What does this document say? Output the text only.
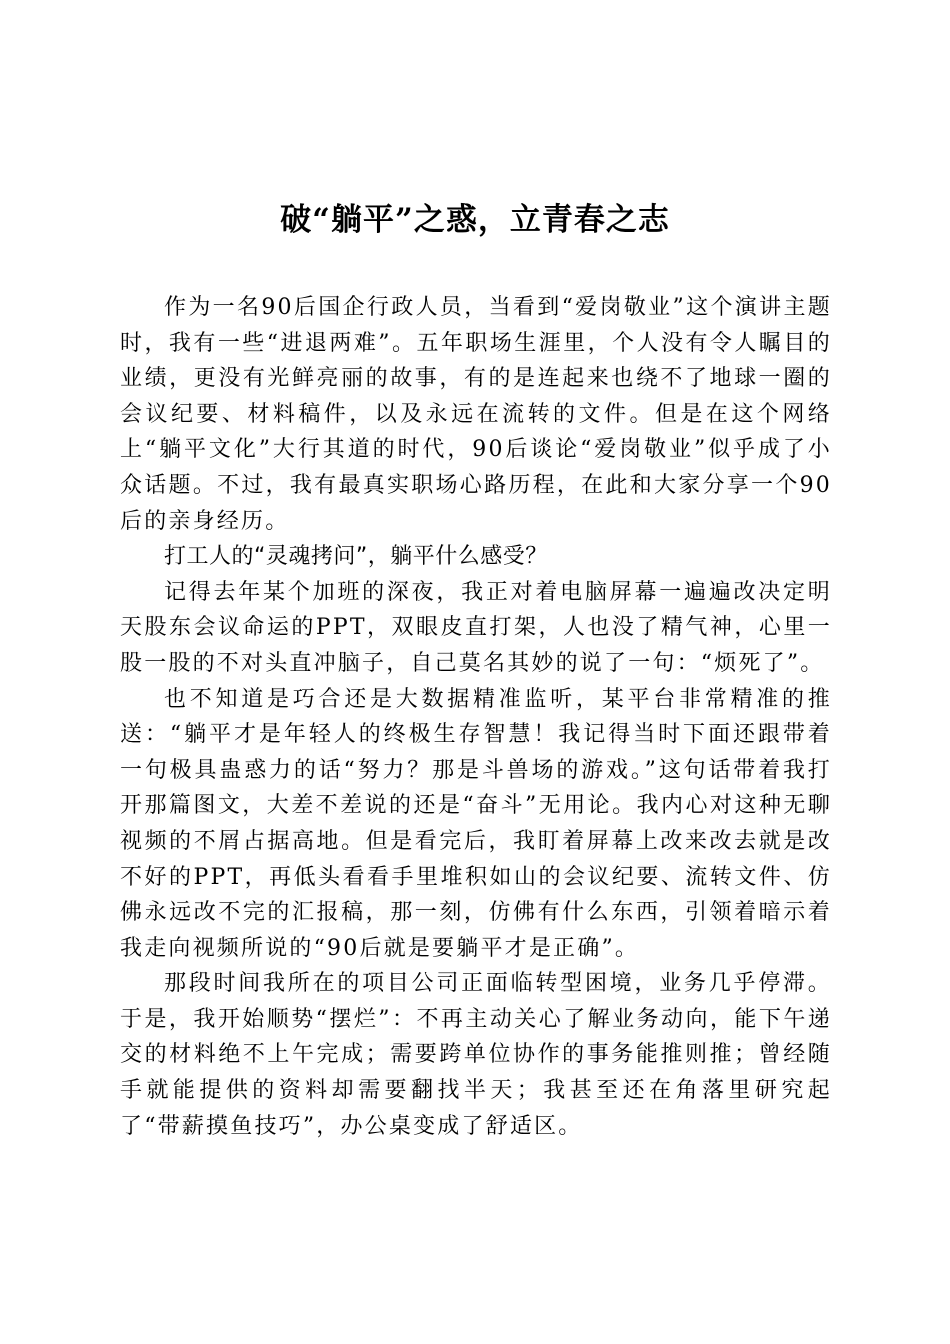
破“躺平”之惑，立青春之志

作为一名90后国企行政人员，当看到“爱岗敬业”这个演讲主题时，我有一些“进退两难”。五年职场生涯里，个人没有令人瞩目的业绩，更没有光鲜亮丽的故事，有的是连起来也绕不了地球一圈的会议纪要、材料稿件，以及永远在流转的文件。但是在这个网络上“躺平文化”大行其道的时代，90后谈论“爱岗敬业”似乎成了小众话题。不过，我有最真实职场心路历程，在此和大家分享一个90后的亲身经历。

打工人的“灵魂拷问”，躺平什么感受？

记得去年某个加班的深夜，我正对着电脑屏幕一遍遍改决定明天股东会议命运的PPT，双眼皮直打架，人也没了精气神，心里一股一股的不对头直冲脑子，自己莫名其妙的说了一句：“烦死了”。

也不知道是巧合还是大数据精准监听，某平台非常精准的推送：“躺平才是年轻人的终极生存智慧！我记得当时下面还跟带着一句极具蛊惑力的话“努力？那是斗兽场的游戏。”这句话带着我打开那篇图文，大差不差说的还是“奋斗”无用论。我内心对这种无聊视频的不屑占据高地。但是看完后，我盯着屏幕上改来改去就是改不好的PPT，再低头看看手里堆积如山的会议纪要、流转文件、仿佛永远改不完的汇报稿，那一刻，仿佛有什么东西，引领着暗示着我走向视频所说的“90后就是要躺平才是正确”。

那段时间我所在的项目公司正面临转型困境，业务几乎停滞。于是，我开始顺势“摆烂”：不再主动关心了解业务动向，能下午递交的材料绝不上午完成；需要跨单位协作的事务能推则推；曾经随手就能提供的资料却需要翻找半天；我甚至还在角落里研究起了“带薪摸鱼技巧”，办公桌变成了舒适区。
